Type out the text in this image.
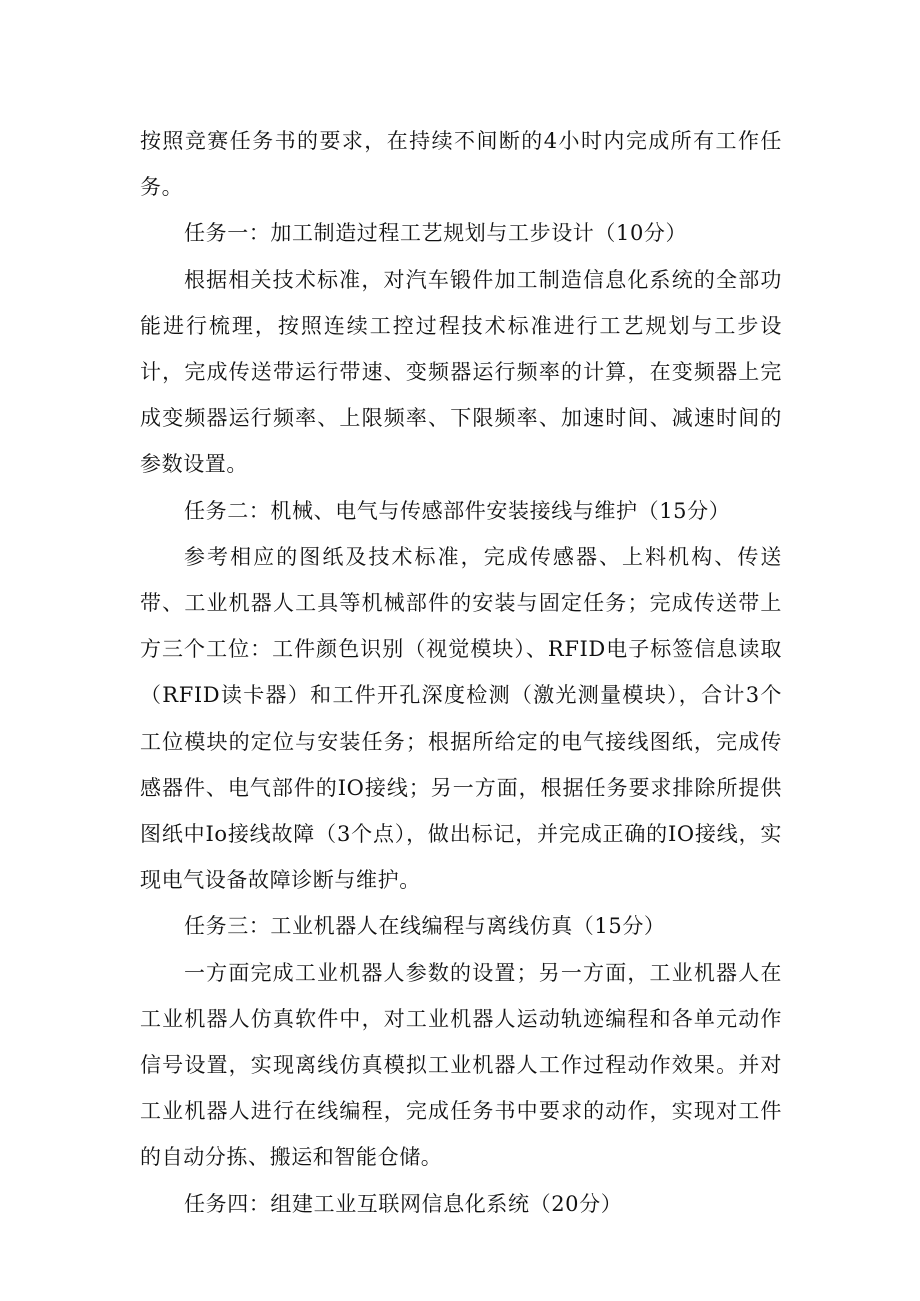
按照竞赛任务书的要求，在持续不间断的4小时内完成所有工作任务。

任务一：加工制造过程工艺规划与工步设计（10分）

根据相关技术标准，对汽车锻件加工制造信息化系统的全部功能进行梳理，按照连续工控过程技术标准进行工艺规划与工步设计，完成传送带运行带速、变频器运行频率的计算，在变频器上完成变频器运行频率、上限频率、下限频率、加速时间、减速时间的参数设置。

任务二：机械、电气与传感部件安装接线与维护（15分）

参考相应的图纸及技术标准，完成传感器、上料机构、传送带、工业机器人工具等机械部件的安装与固定任务；完成传送带上方三个工位：工件颜色识别（视觉模块）、RFID电子标签信息读取（RFID读卡器）和工件开孔深度检测（激光测量模块），合计3个工位模块的定位与安装任务；根据所给定的电气接线图纸，完成传感器件、电气部件的IO接线；另一方面，根据任务要求排除所提供图纸中Io接线故障（3个点），做出标记，并完成正确的IO接线，实现电气设备故障诊断与维护。

任务三：工业机器人在线编程与离线仿真（15分）

一方面完成工业机器人参数的设置；另一方面，工业机器人在工业机器人仿真软件中，对工业机器人运动轨迹编程和各单元动作信号设置，实现离线仿真模拟工业机器人工作过程动作效果。并对工业机器人进行在线编程，完成任务书中要求的动作，实现对工件的自动分拣、搬运和智能仓储。

任务四：组建工业互联网信息化系统（20分）
